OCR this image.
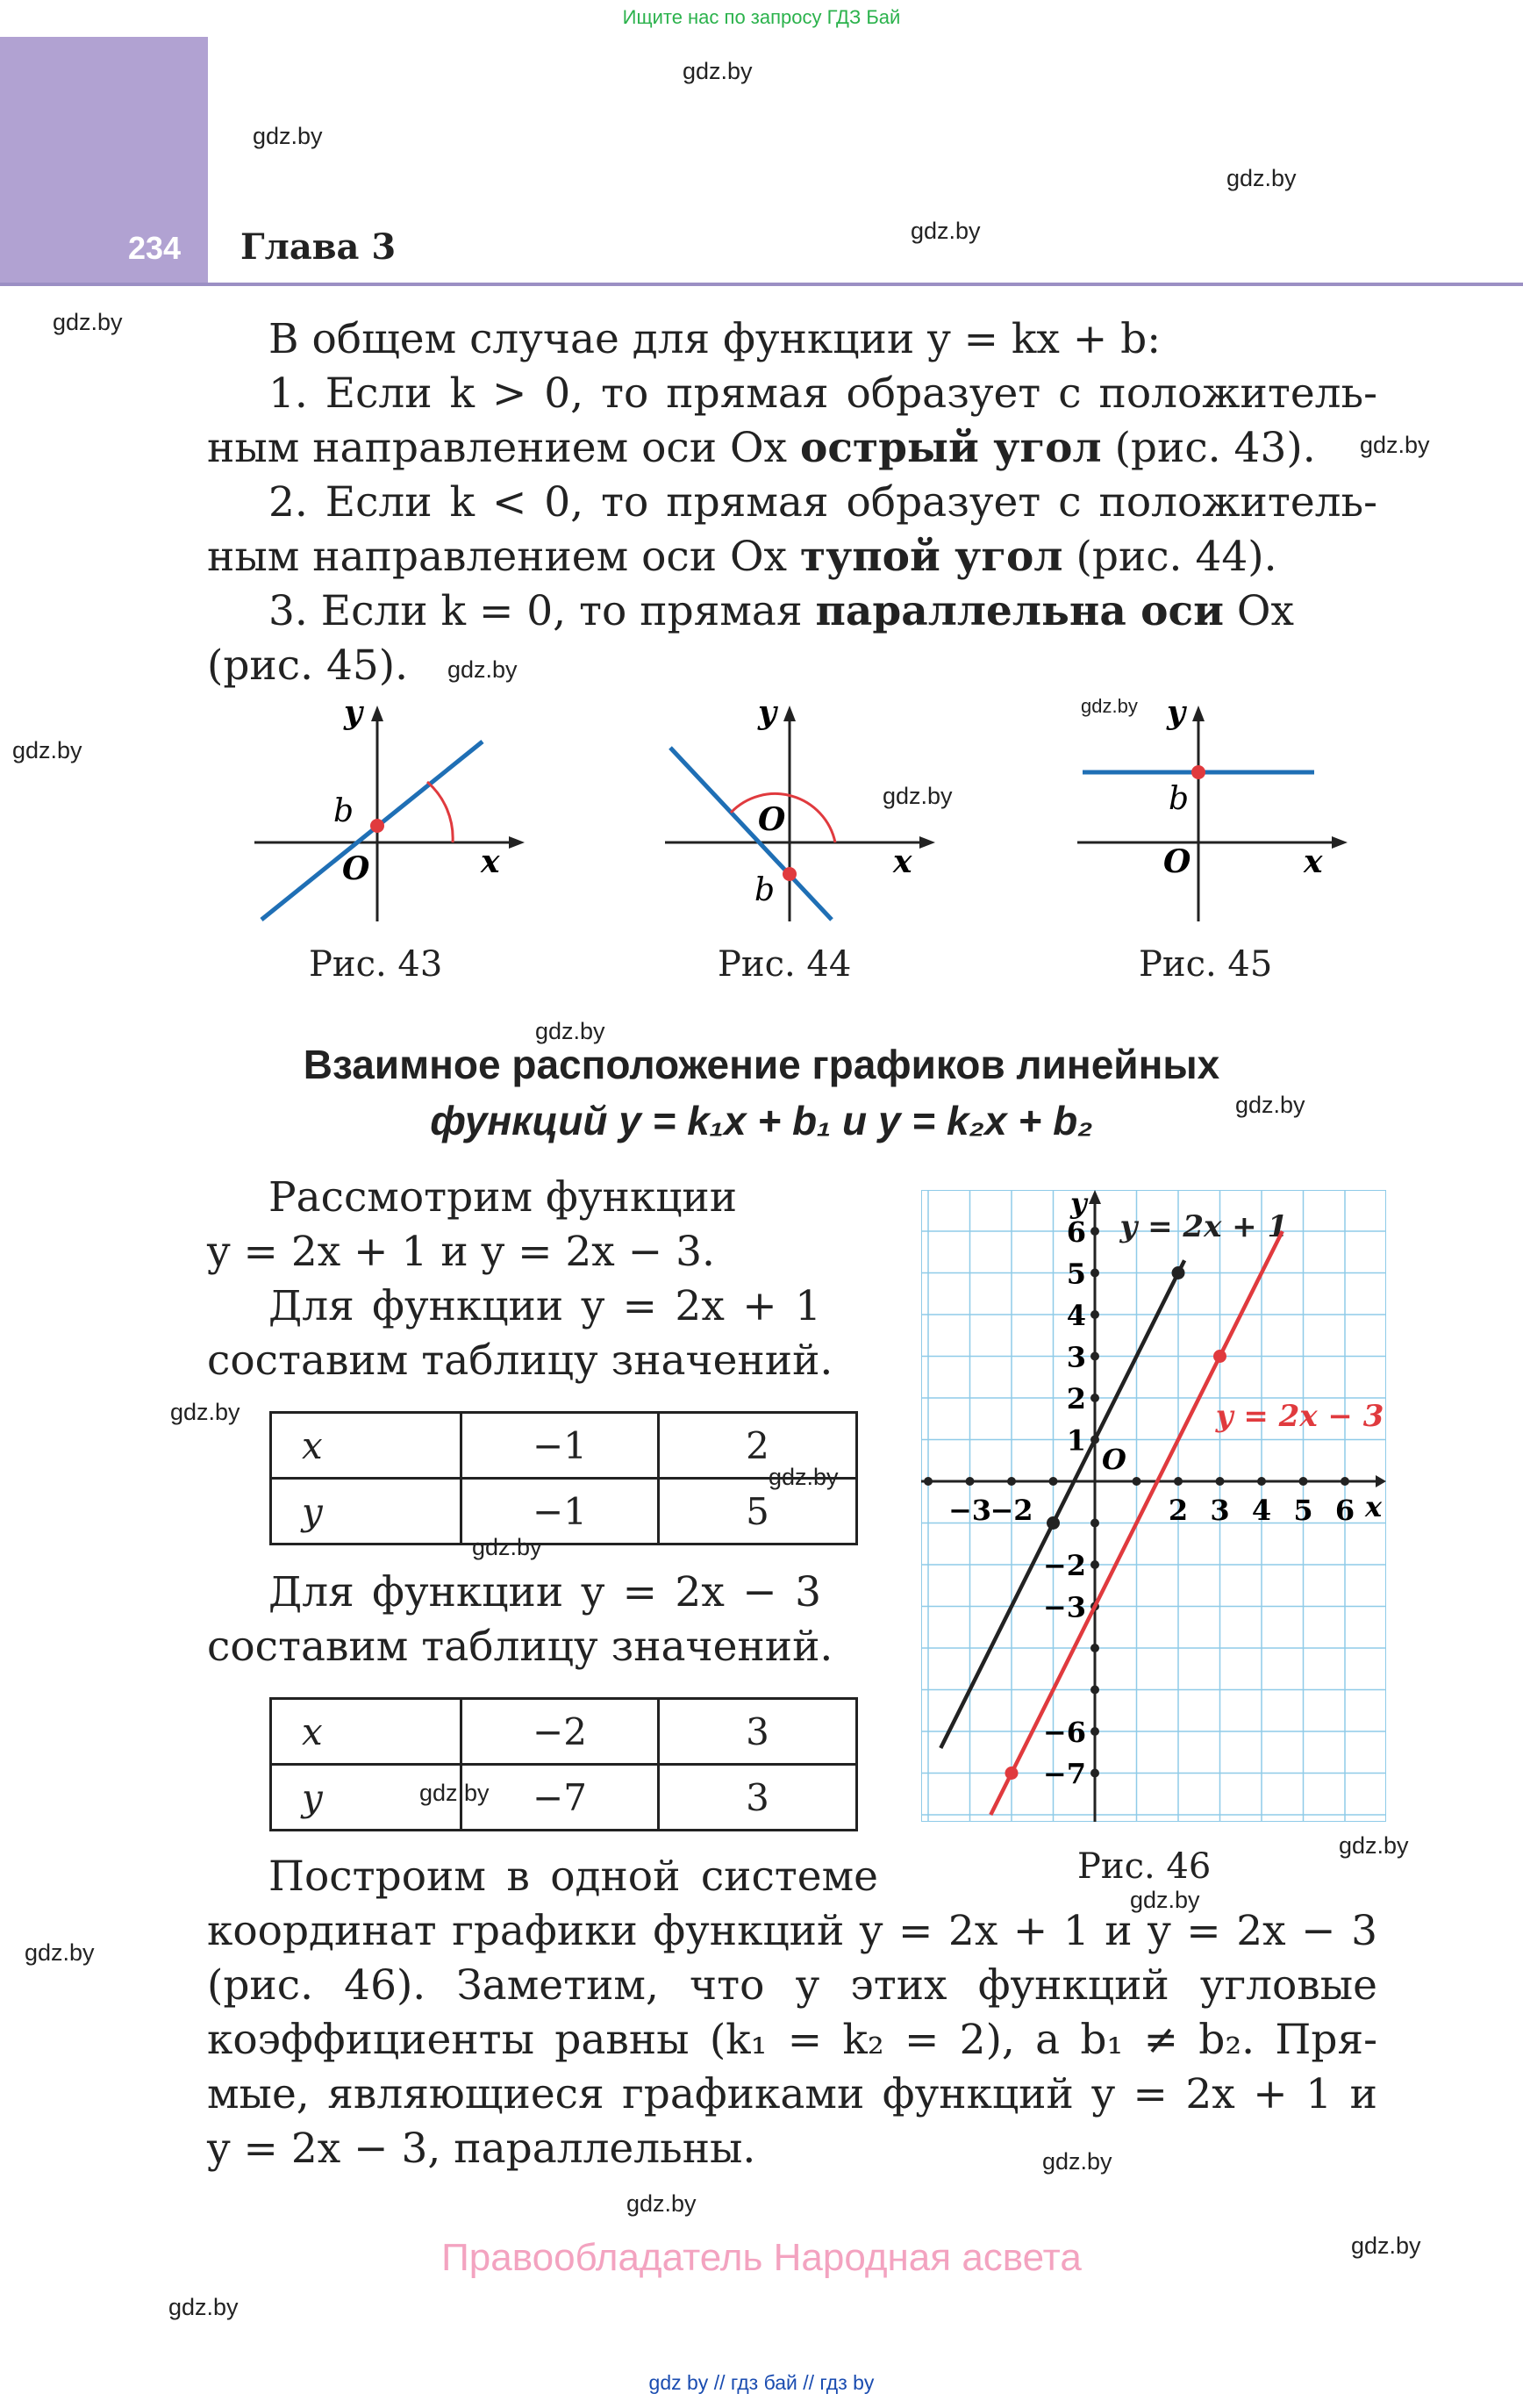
Ищите нас по запросу ГДЗ Бай
234 Глава 3
gdz.by
gdz.by
gdz.by
gdz.by
gdz.by
gdz.by
gdz.by
gdz.by
gdz.by
gdz.by
gdz.by
gdz.by
gdz.by
gdz.by
gdz.by
gdz.by
gdz.by
gdz.by
gdz.by
gdz.by
gdz.by
gdz.by
gdz.by
В общем случае для функции y = kx + b:
1. Если k > 0, то прямая образует с положитель-
ным направлением оси Ox острый угол (рис. 43).
2. Если k < 0, то прямая образует с положитель-
ным направлением оси Ox тупой угол (рис. 44).
3. Если k = 0, то прямая параллельна оси Ox
(рис. 45).
b
O	x
y
Рис. 43
O
b
x
y
Рис. 44
b
O	x
y
Рис. 45
Взаимное расположение графиков линейных
функций y = k₁x + b₁ и y = k₂x + b₂
Рассмотрим функции
y = 2x + 1 и y = 2x − 3.
Для функции y = 2x + 1
составим таблицу значений.
x	−1	2
y	−1	5
Для функции y = 2x − 3
составим таблицу значений.
x	−2	3
y	−7	3
−3
−2	2 3 4 5 6
6
5
4
3
2
1
−2
−3
−6
−7
x
y
O
y = 2x + 1
y = 2x − 3
Рис. 46
Построим в одной системе
координат графики функций y = 2x + 1 и y = 2x − 3
(рис. 46). Заметим, что у этих функций угловые
коэффициенты равны (k₁ = k₂ = 2), а b₁ ≠ b₂. Пря-
мые, являющиеся графиками функций y = 2x + 1 и
y = 2x − 3, параллельны.
Правообладатель Народная асвета
gdz by // гдз бай // гдз by
